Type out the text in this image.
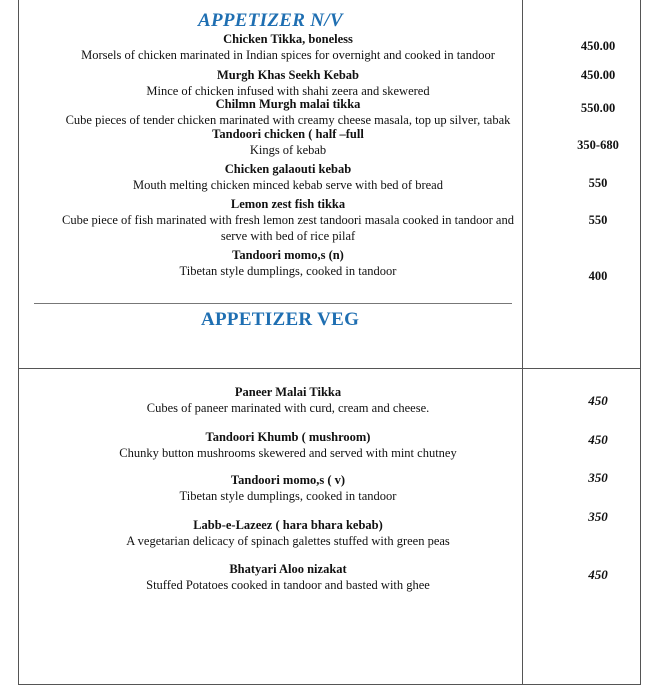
APPETIZER N/V
APPETIZER VEG
Chicken Tikka, boneless
Morsels of chicken marinated in Indian spices for overnight and cooked in tandoor
450.00
Murgh Khas Seekh Kebab
Mince of chicken infused with shahi zeera and skewered
450.00
Chilmn Murgh malai tikka
Cube pieces of tender chicken marinated with creamy cheese masala, top up silver, tabak
550.00
Tandoori chicken ( half –full
Kings of kebab	350-680
Chicken galaouti kebab
Mouth melting chicken minced kebab serve with bed of bread	550
Lemon zest fish tikka
Cube piece of fish marinated with fresh lemon zest tandoori masala cooked in tandoor and serve with bed of rice pilaf
550
Tandoori momo,s (n)
Tibetan style dumplings, cooked in tandoor	400
Paneer Malai Tikka
Cubes of paneer marinated with curd, cream and cheese.	450
Tandoori Khumb ( mushroom)
Chunky button mushrooms skewered and served with mint chutney
450
Tandoori momo,s ( v)
Tibetan style dumplings, cooked in tandoor
350
Labb-e-Lazeez ( hara bhara kebab)
A vegetarian delicacy of spinach galettes stuffed with green peas
350
Bhatyari Aloo nizakat
Stuffed Potatoes cooked in tandoor and basted with ghee
450
